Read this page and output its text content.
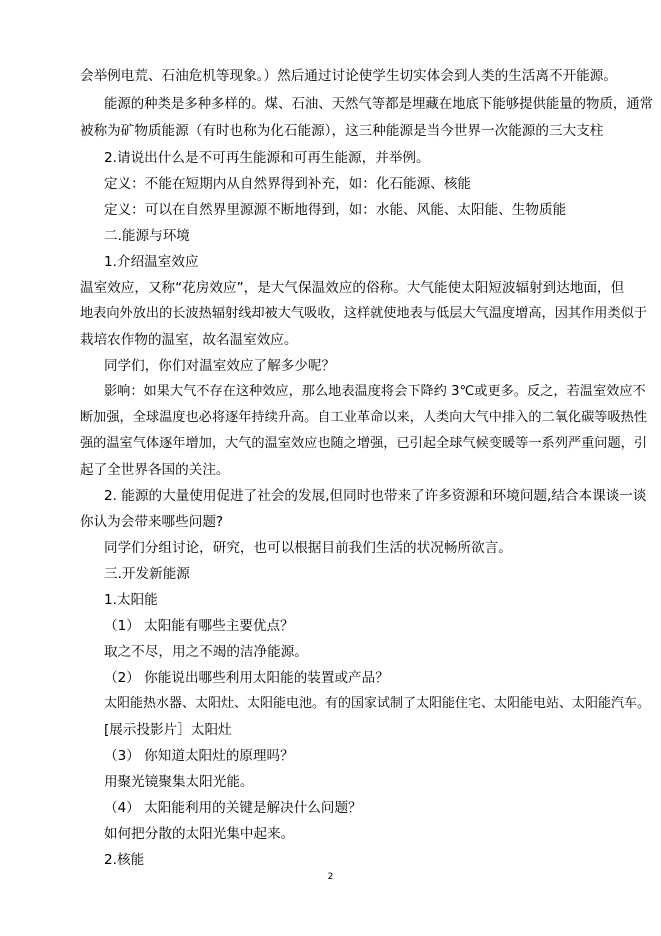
会举例电荒、石油危机等现象。）然后通过讨论使学生切实体会到人类的生活离不开能源。
能源的种类是多种多样的。煤、石油、天然气等都是埋藏在地底下能够提供能量的物质，通常
被称为矿物质能源（有时也称为化石能源），这三种能源是当今世界一次能源的三大支柱
2.请说出什么是不可再生能源和可再生能源，并举例。
定义：不能在短期内从自然界得到补充，如：化石能源、核能
定义：可以在自然界里源源不断地得到，如：水能、风能、太阳能、生物质能
二.能源与环境
1.介绍温室效应
温室效应，又称“花房效应”，是大气保温效应的俗称。大气能使太阳短波辐射到达地面，但
地表向外放出的长波热辐射线却被大气吸收，这样就使地表与低层大气温度增高，因其作用类似于
栽培农作物的温室，故名温室效应。
同学们，你们对温室效应了解多少呢？
影响：如果大气不存在这种效应，那么地表温度将会下降约 3℃或更多。反之，若温室效应不
断加强，全球温度也必将逐年持续升高。自工业革命以来，人类向大气中排入的二氧化碳等吸热性
强的温室气体逐年增加，大气的温室效应也随之增强，已引起全球气候变暖等一系列严重问题，引
起了全世界各国的关注。
2. 能源的大量使用促进了社会的发展,但同时也带来了许多资源和环境问题,结合本课谈一谈
你认为会带来哪些问题?
同学们分组讨论，研究，也可以根据目前我们生活的状况畅所欲言。
三.开发新能源
1.太阳能
（1） 太阳能有哪些主要优点？
取之不尽，用之不竭的洁净能源。
（2） 你能说出哪些利用太阳能的装置或产品？
太阳能热水器、太阳灶、太阳能电池。有的国家试制了太阳能住宅、太阳能电站、太阳能汽车。
[展示投影片］太阳灶
（3） 你知道太阳灶的原理吗？
用聚光镜聚集太阳光能。
（4） 太阳能利用的关键是解决什么问题？
如何把分散的太阳光集中起来。
2.核能
2
